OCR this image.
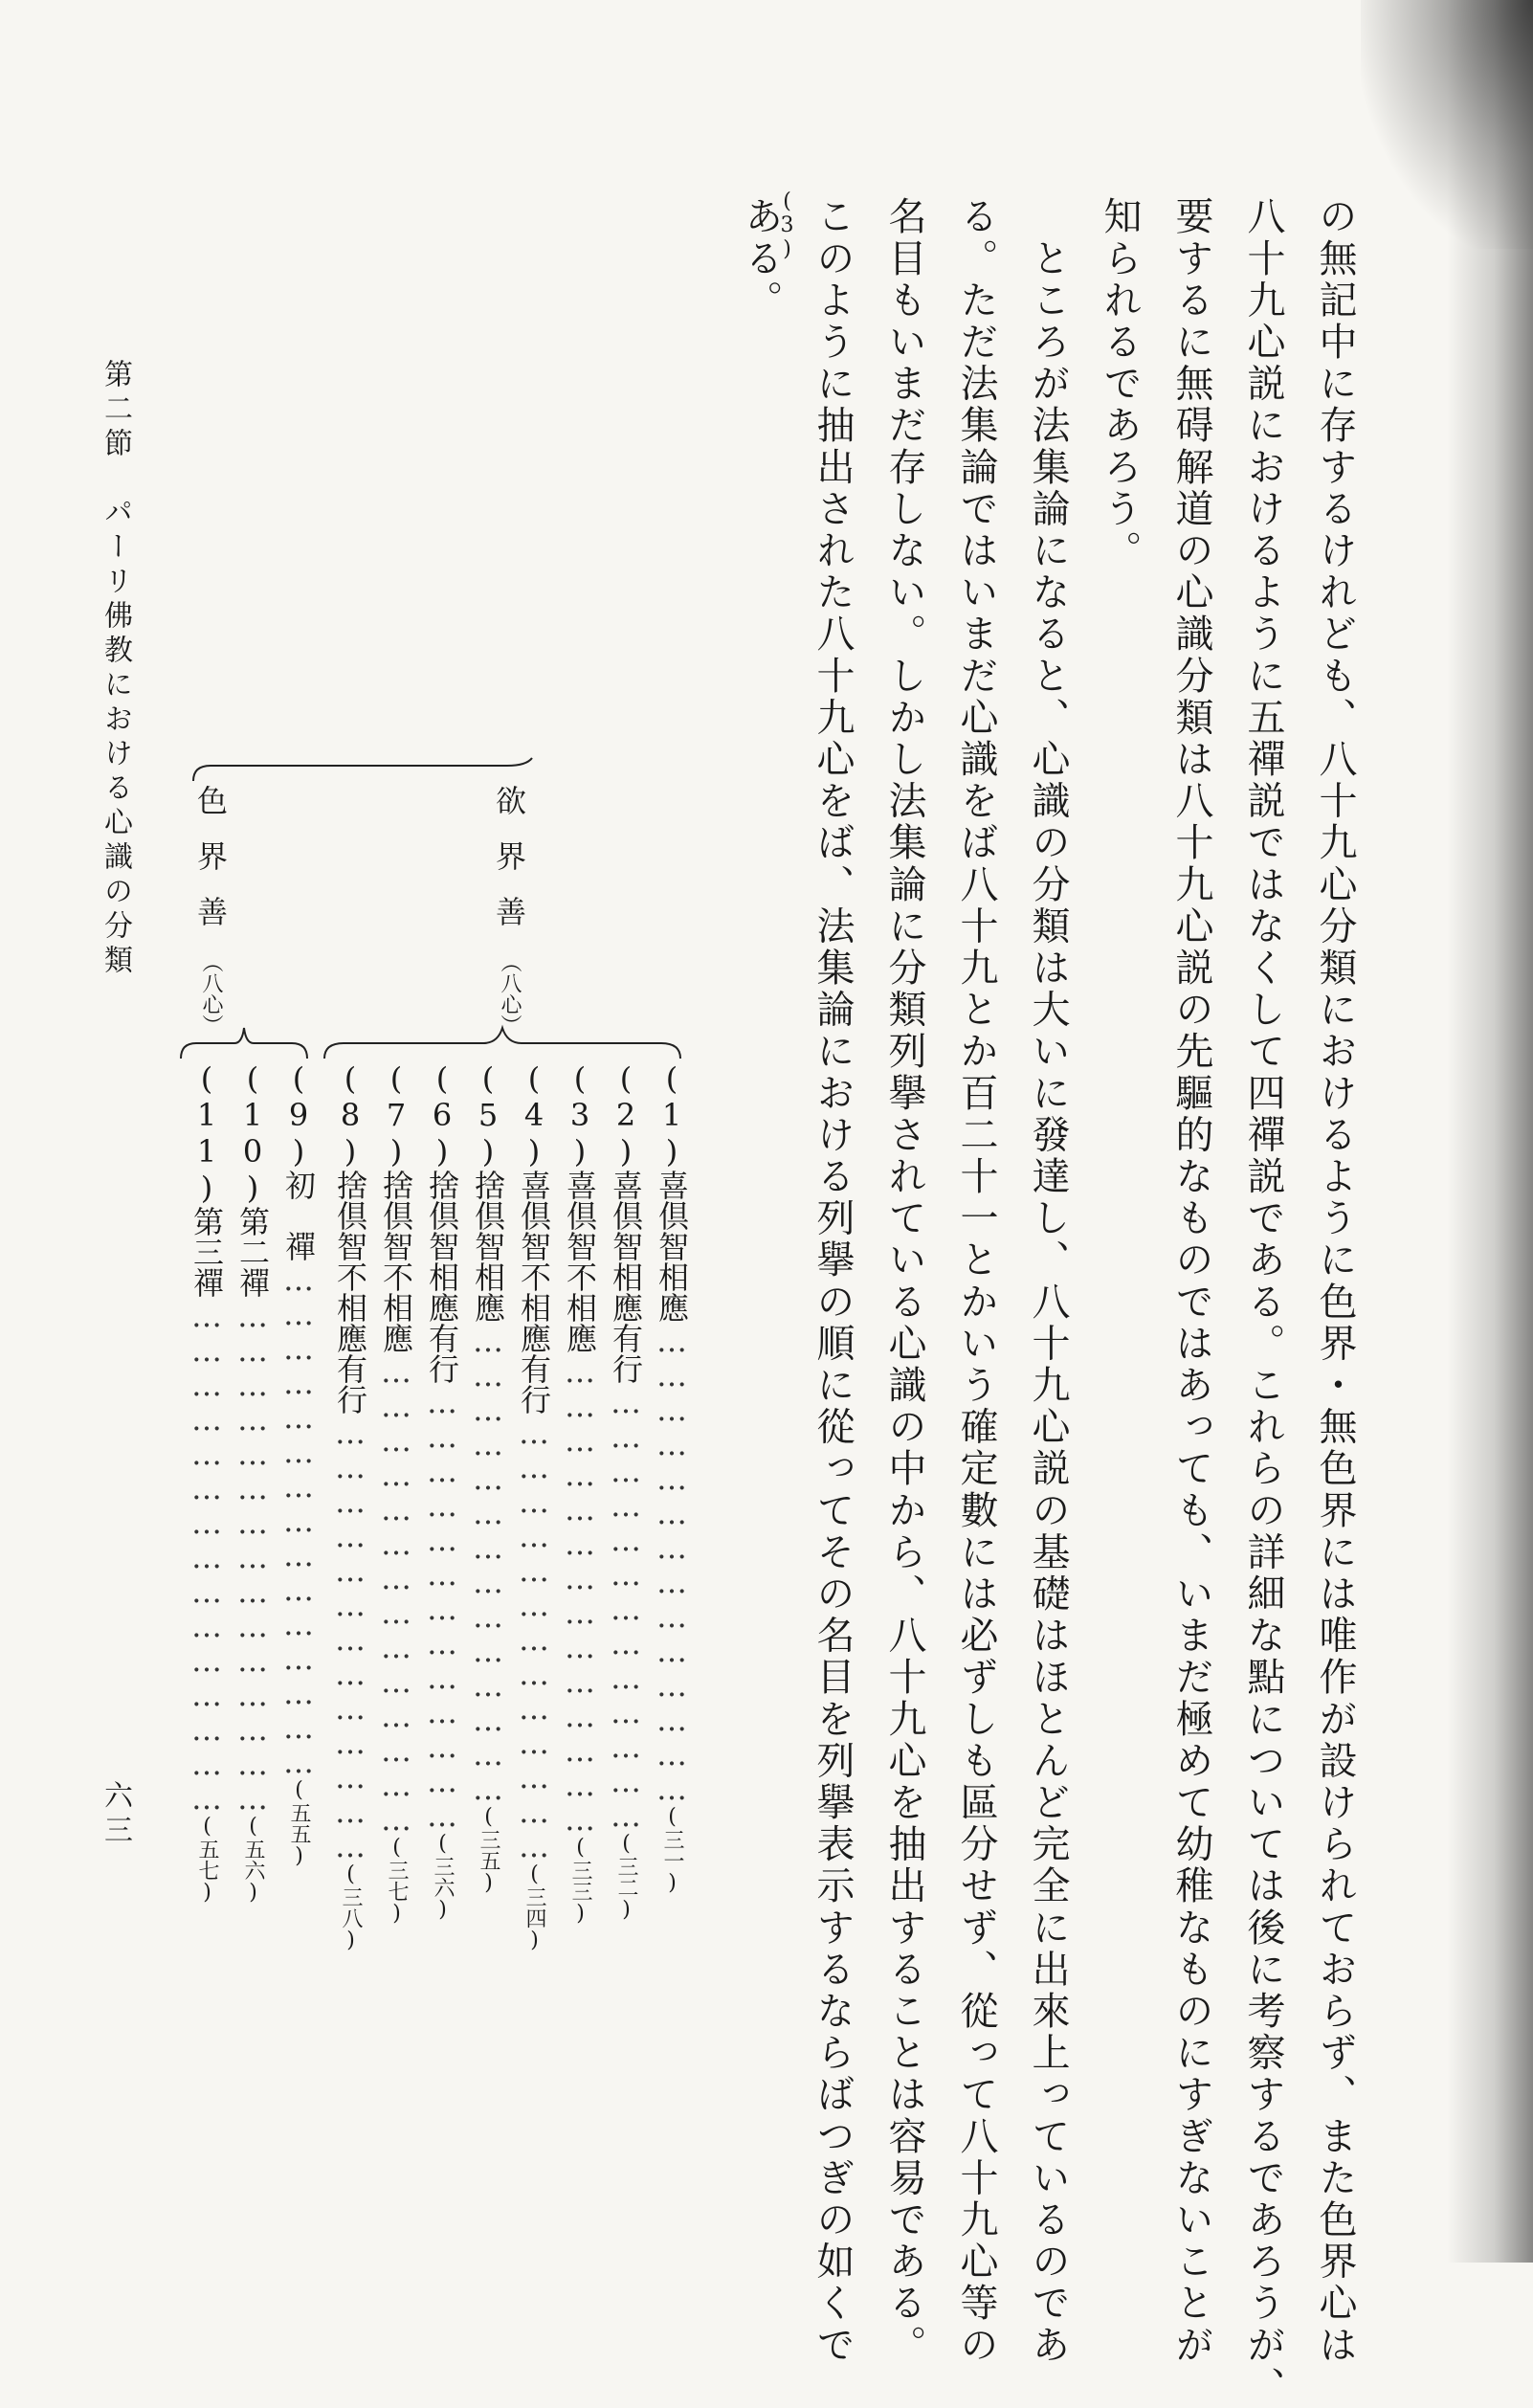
の無記中に存するけれども、八十九心分類におけるように色界・無色界には唯作が設けられておらず、また色界心は
八十九心説におけるように五禪説ではなくして四禪説である。これらの詳細な點については後に考察するであろうが、
要するに無碍解道の心識分類は八十九心説の先驅的なものではあっても、いまだ極めて幼稚なものにすぎないことが
知られるであろう。
　ところが法集論になると、心識の分類は大いに發達し、八十九心説の基礎はほとんど完全に出來上っているのであ
る。ただ法集論ではいまだ心識をば八十九とか百二十一とかいう確定數には必ずしも區分せず、從って八十九心等の
名目もいまだ存しない。しかし法集論に分類列擧されている心識の中から、八十九心を抽出することは容易である。
このように抽出された八十九心をば、法集論における列擧の順に從ってその名目を列擧表示するならばつぎの如くで
(3)
ある。
欲界善（八心）
色界善（八心）
(1)喜倶智相應……………………………………(三一)
(2)喜倶智相應有行…………………………………(三二)
(3)喜倶智不相應……………………………………(三三)
(4)喜倶智不相應有行…………………………………(三四)
(5)捨倶智相應……………………………………(三五)
(6)捨倶智相應有行…………………………………(三六)
(7)捨倶智不相應……………………………………(三七)
(8)捨倶智不相應有行…………………………………(三八)
(9)初　禪………………………………………(五五)
(10)第二禪………………………………………(五六)
(11)第三禪………………………………………(五七)
第二節　パーリ佛教における心識の分類
六三
